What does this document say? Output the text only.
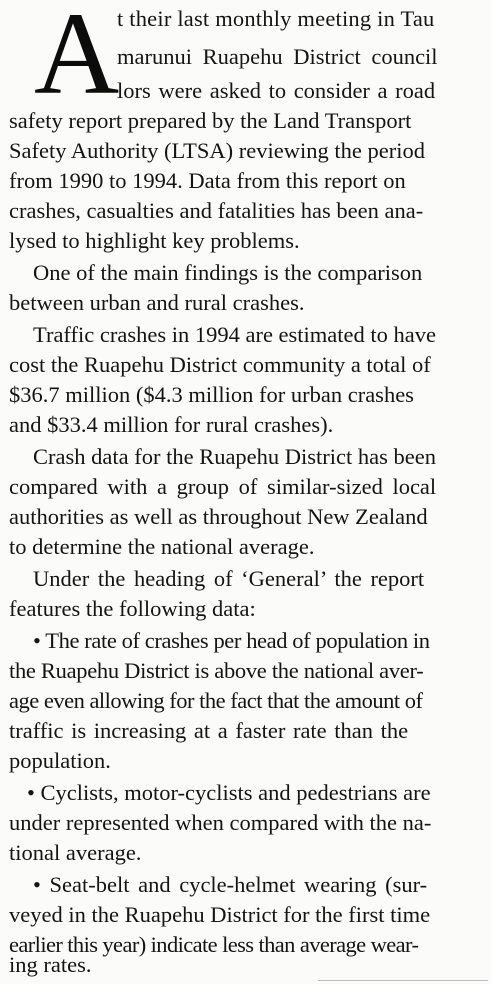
A
t their last monthly meeting in Tau
marunui Ruapehu District council
lors were asked to consider a road
safety report prepared by the Land Transport
Safety Authority (LTSA) reviewing the period
from 1990 to 1994. Data from this report on
crashes, casualties and fatalities has been ana-
lysed to highlight key problems.
One of the main findings is the comparison
between urban and rural crashes.
Traffic crashes in 1994 are estimated to have
cost the Ruapehu District community a total of
$36.7 million ($4.3 million for urban crashes
and $33.4 million for rural crashes).
Crash data for the Ruapehu District has been
compared with a group of similar-sized local
authorities as well as throughout New Zealand
to determine the national average.
Under the heading of ‘General’ the report
features the following data:
• The rate of crashes per head of population in
the Ruapehu District is above the national aver-
age even allowing for the fact that the amount of
traffic is increasing at a faster rate than the
population.
• Cyclists, motor-cyclists and pedestrians are
under represented when compared with the na-
tional average.
• Seat-belt and cycle-helmet wearing (sur-
veyed in the Ruapehu District for the first time
earlier this year) indicate less than average wear-
ing rates.
